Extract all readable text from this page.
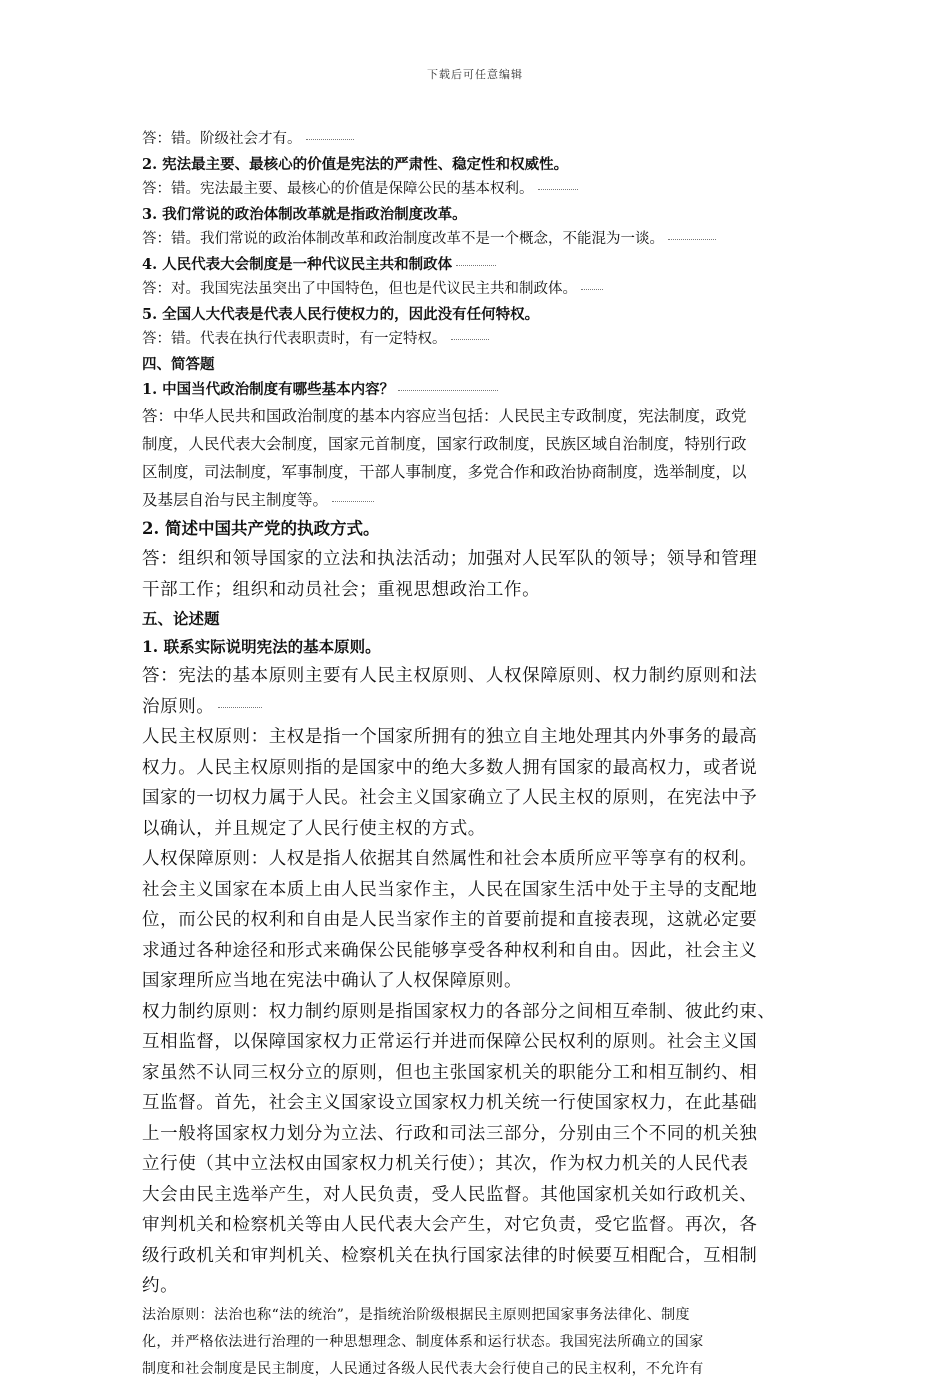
下载后可任意编辑
答：错。阶级社会才有。
2. 宪法最主要、最核心的价值是宪法的严肃性、稳定性和权威性。
答：错。宪法最主要、最核心的价值是保障公民的基本权利。
3. 我们常说的政治体制改革就是指政治制度改革。
答：错。我们常说的政治体制改革和政治制度改革不是一个概念，不能混为一谈。
4. 人民代表大会制度是一种代议民主共和制政体
答：对。我国宪法虽突出了中国特色，但也是代议民主共和制政体。
5. 全国人大代表是代表人民行使权力的，因此没有任何特权。
答：错。代表在执行代表职责时，有一定特权。
四、简答题
1. 中国当代政治制度有哪些基本内容？
答：中华人民共和国政治制度的基本内容应当包括：人民民主专政制度，宪法制度，政党
制度，人民代表大会制度，国家元首制度，国家行政制度，民族区域自治制度，特别行政
区制度，司法制度，军事制度，干部人事制度，多党合作和政治协商制度，选举制度，以
及基层自治与民主制度等。
2. 简述中国共产党的执政方式。
答：组织和领导国家的立法和执法活动；加强对人民军队的领导；领导和管理
干部工作；组织和动员社会；重视思想政治工作。
五、论述题
1. 联系实际说明宪法的基本原则。
答：宪法的基本原则主要有人民主权原则、人权保障原则、权力制约原则和法
治原则。
人民主权原则：主权是指一个国家所拥有的独立自主地处理其内外事务的最高
权力。人民主权原则指的是国家中的绝大多数人拥有国家的最高权力，或者说
国家的一切权力属于人民。社会主义国家确立了人民主权的原则，在宪法中予
以确认，并且规定了人民行使主权的方式。
人权保障原则：人权是指人依据其自然属性和社会本质所应平等享有的权利。
社会主义国家在本质上由人民当家作主，人民在国家生活中处于主导的支配地
位，而公民的权利和自由是人民当家作主的首要前提和直接表现，这就必定要
求通过各种途径和形式来确保公民能够享受各种权利和自由。因此，社会主义
国家理所应当地在宪法中确认了人权保障原则。
权力制约原则：权力制约原则是指国家权力的各部分之间相互牵制、彼此约束、
互相监督，以保障国家权力正常运行并进而保障公民权利的原则。社会主义国
家虽然不认同三权分立的原则，但也主张国家机关的职能分工和相互制约、相
互监督。首先，社会主义国家设立国家权力机关统一行使国家权力，在此基础
上一般将国家权力划分为立法、行政和司法三部分，分别由三个不同的机关独
立行使（其中立法权由国家权力机关行使）；其次，作为权力机关的人民代表
大会由民主选举产生，对人民负责，受人民监督。其他国家机关如行政机关、
审判机关和检察机关等由人民代表大会产生，对它负责，受它监督。再次，各
级行政机关和审判机关、检察机关在执行国家法律的时候要互相配合，互相制
约。
法治原则：法治也称“法的统治”，是指统治阶级根据民主原则把国家事务法律化、制度
化，并严格依法进行治理的一种思想理念、制度体系和运行状态。我国宪法所确立的国家
制度和社会制度是民主制度，人民通过各级人民代表大会行使自己的民主权利，不允许有
